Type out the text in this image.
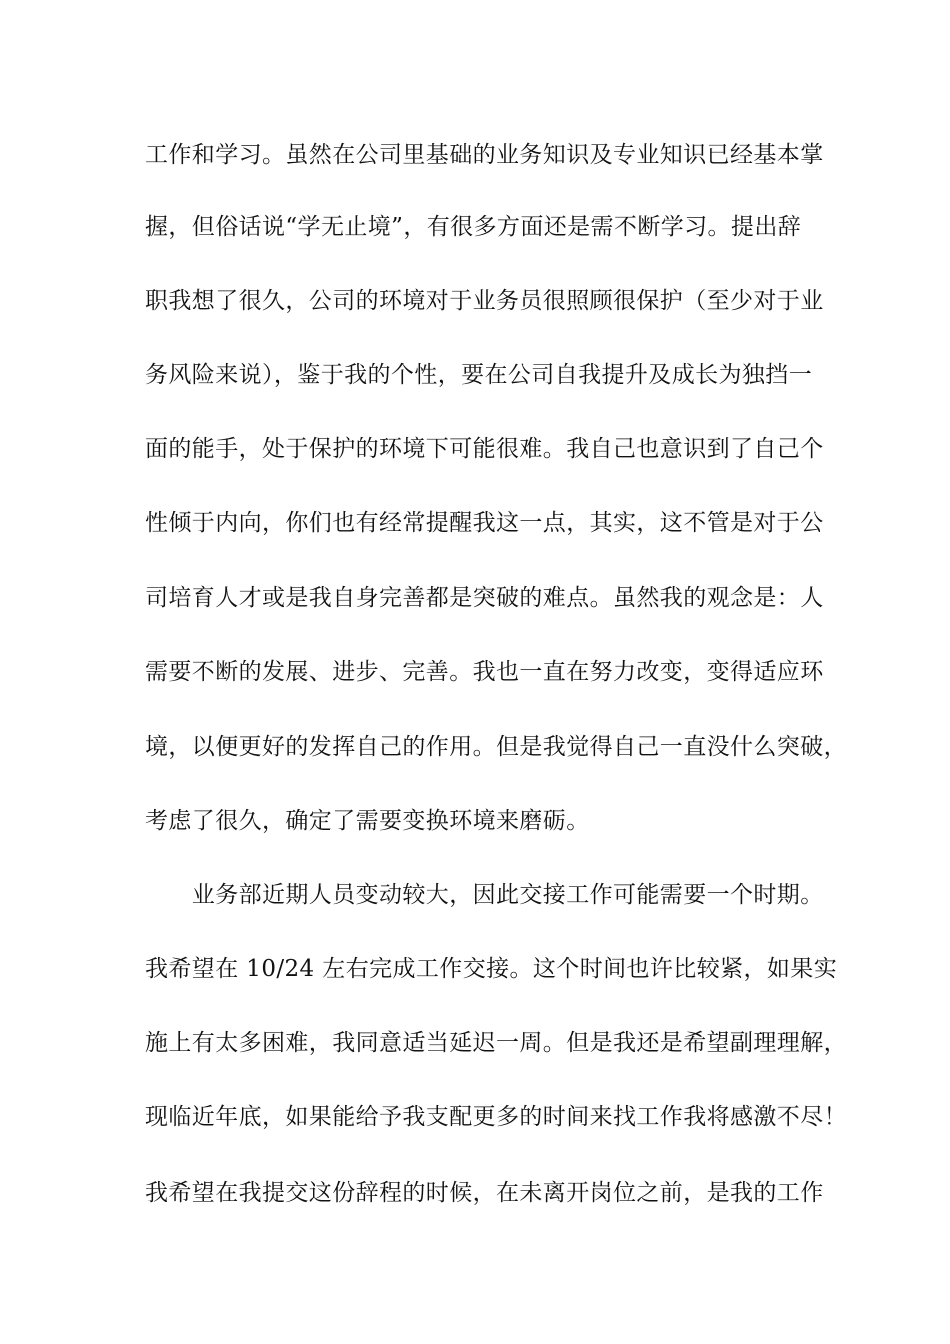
工作和学习。虽然在公司里基础的业务知识及专业知识已经基本掌
握，但俗话说“学无止境”，有很多方面还是需不断学习。提出辞
职我想了很久，公司的环境对于业务员很照顾很保护（至少对于业
务风险来说），鉴于我的个性，要在公司自我提升及成长为独挡一
面的能手，处于保护的环境下可能很难。我自己也意识到了自己个
性倾于内向，你们也有经常提醒我这一点，其实，这不管是对于公
司培育人才或是我自身完善都是突破的难点。虽然我的观念是：人
需要不断的发展、进步、完善。我也一直在努力改变，变得适应环
境，以便更好的发挥自己的作用。但是我觉得自己一直没什么突破，
考虑了很久，确定了需要变换环境来磨砺。
　　业务部近期人员变动较大，因此交接工作可能需要一个时期。
我希望在 10/24 左右完成工作交接。这个时间也许比较紧，如果实
施上有太多困难，我同意适当延迟一周。但是我还是希望副理理解，
现临近年底，如果能给予我支配更多的时间来找工作我将感激不尽！
我希望在我提交这份辞程的时候，在未离开岗位之前，是我的工作
